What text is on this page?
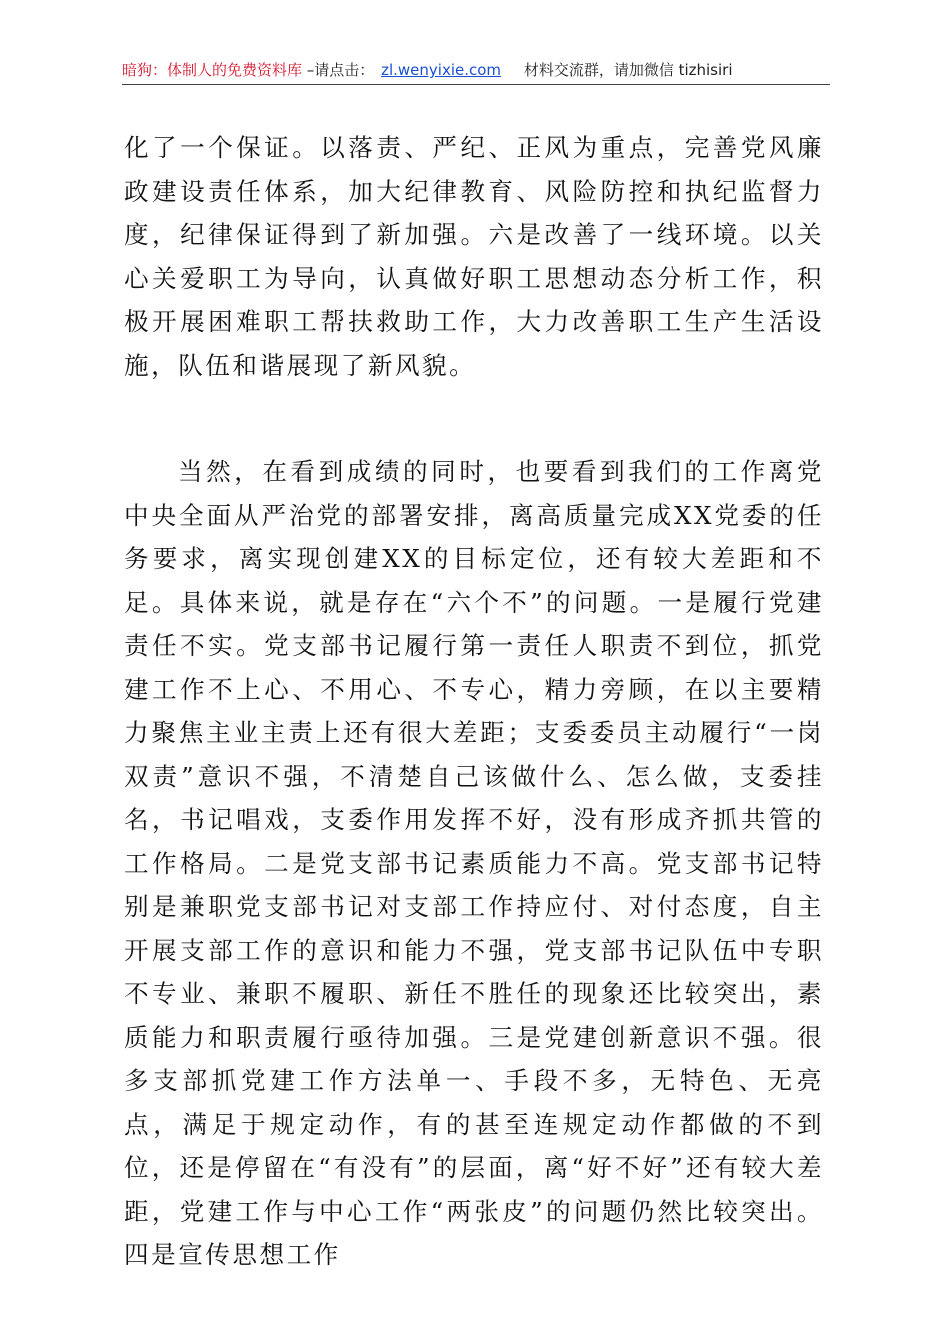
暗狗：体制人的免费资料库 –请点击： zl.wenyixie.com 材料交流群，请加微信 tizhisiri

化了一个保证。以落责、严纪、正风为重点，完善党风廉政建设责任体系，加大纪律教育、风险防控和执纪监督力度，纪律保证得到了新加强。六是改善了一线环境。以关心关爱职工为导向，认真做好职工思想动态分析工作，积极开展困难职工帮扶救助工作，大力改善职工生产生活设施，队伍和谐展现了新风貌。

当然，在看到成绩的同时，也要看到我们的工作离党中央全面从严治党的部署安排，离高质量完成XX党委的任务要求，离实现创建XX的目标定位，还有较大差距和不足。具体来说，就是存在“六个不”的问题。一是履行党建责任不实。党支部书记履行第一责任人职责不到位，抓党建工作不上心、不用心、不专心，精力旁顾，在以主要精力聚焦主业主责上还有很大差距；支委委员主动履行“一岗双责”意识不强，不清楚自己该做什么、怎么做，支委挂名，书记唱戏，支委作用发挥不好，没有形成齐抓共管的工作格局。二是党支部书记素质能力不高。党支部书记特别是兼职党支部书记对支部工作持应付、对付态度，自主开展支部工作的意识和能力不强，党支部书记队伍中专职不专业、兼职不履职、新任不胜任的现象还比较突出，素质能力和职责履行亟待加强。三是党建创新意识不强。很多支部抓党建工作方法单一、手段不多，无特色、无亮点，满足于规定动作，有的甚至连规定动作都做的不到位，还是停留在“有没有”的层面，离“好不好”还有较大差距，党建工作与中心工作“两张皮”的问题仍然比较突出。四是宣传思想工作
